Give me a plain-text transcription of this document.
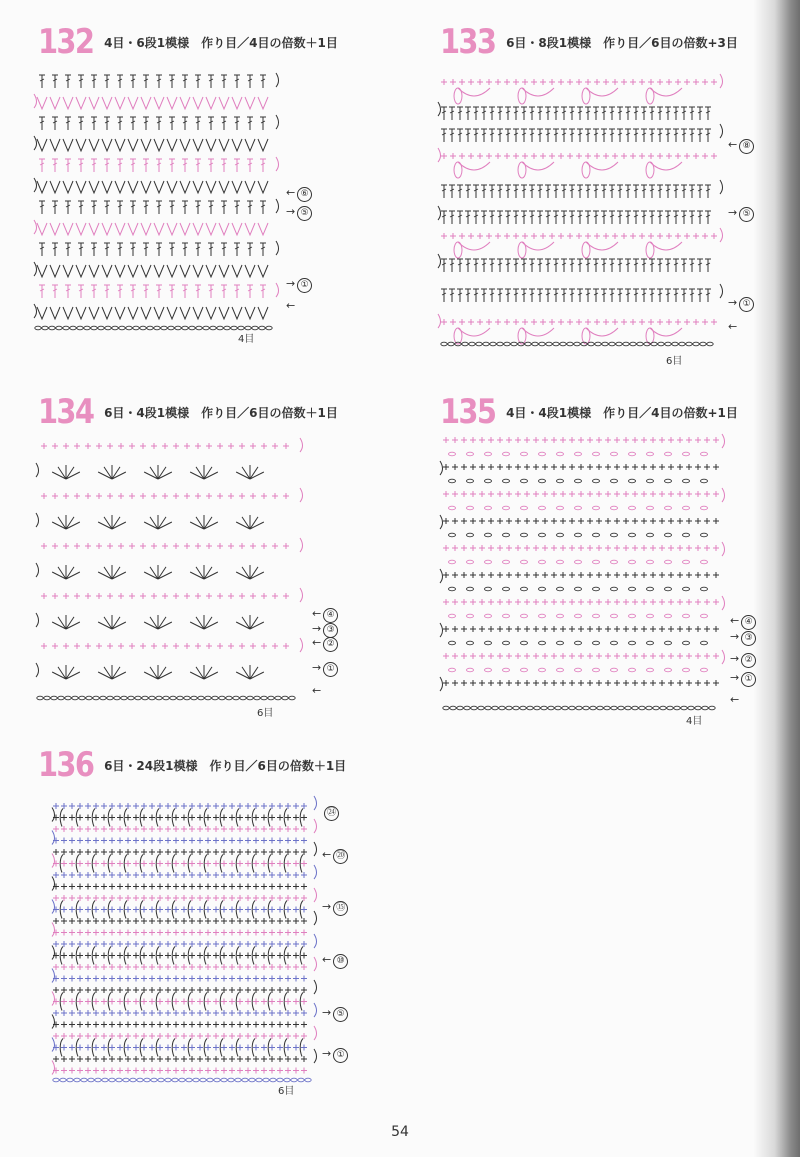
132 4目・6段1模様　作り目／4目の倍数＋1目
← ⑥
→ ⑤
→ ①
←
4目
133 6目・8段1模様　作り目／6目の倍数+3目
← ⑧
→ ⑤
→ ①
←
6目
134 6目・4段1模様　作り目／6目の倍数＋1目
← ④
→ ③
← ②
→ ①
←
6目
135 4目・4段1模様　作り目／4目の倍数+1目
← ④
→ ③
→ ②
→ ①
←
4目
136 6目・24段1模様　作り目／6目の倍数＋1目
㉔
← ⑳
→ ⑮
← ⑩
→ ⑤
→ ①
6目
54
